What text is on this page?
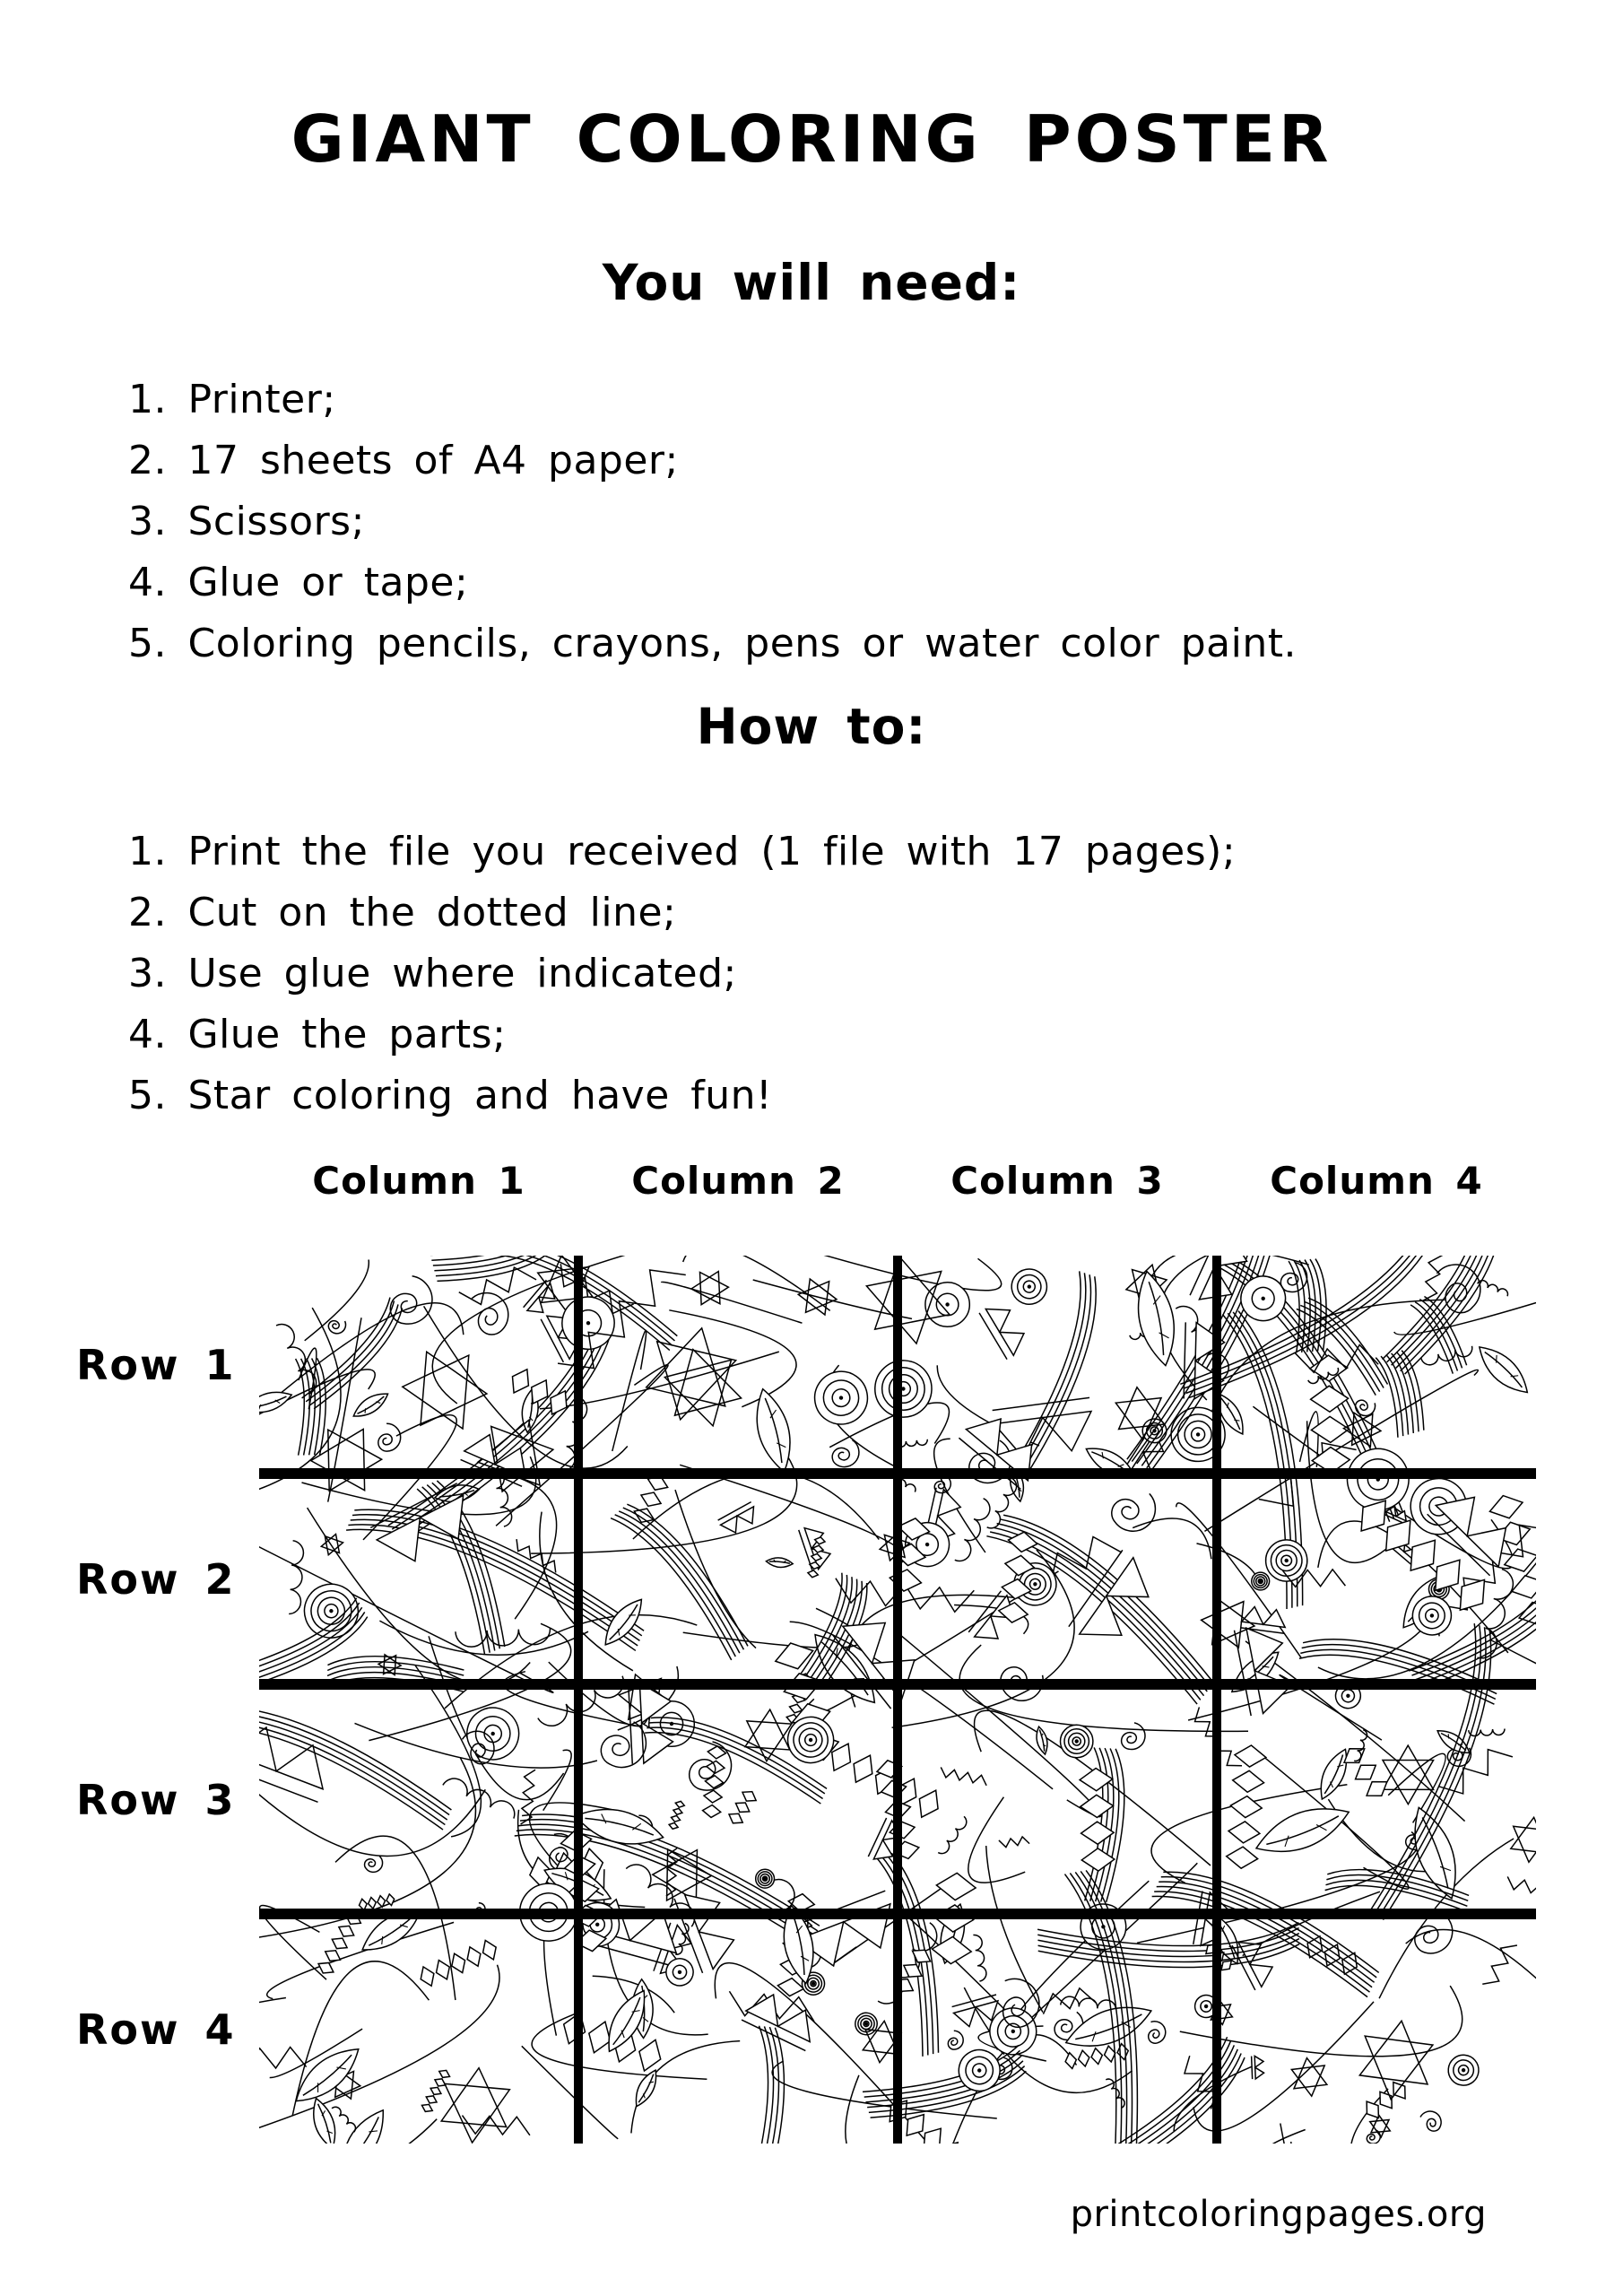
GIANT COLORING POSTER
You will need:
1. Printer;
2. 17 sheets of A4 paper;
3. Scissors;
4. Glue or tape;
5. Coloring pencils, crayons, pens or water color paint.
How to:
1. Print the file you received (1 file with 17 pages);
2. Cut on the dotted line;
3. Use glue where indicated;
4. Glue the parts;
5. Star coloring and have fun!
Column 1	Column 2	Column 3	Column 4
Row 1
Row 2
Row 3
Row 4
printcoloringpages.org
